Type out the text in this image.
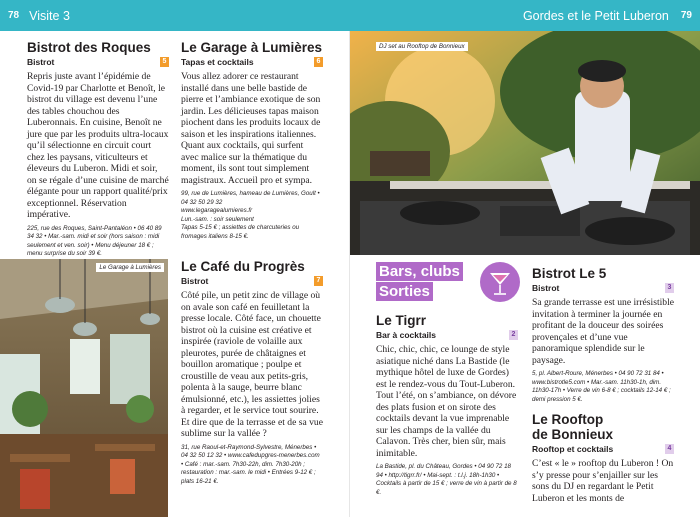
78 Visite 3	Gordes et le Petit Luberon 79
Bistrot des Roques
Bistrot	5
Repris juste avant l’épidémie de Covid-19 par Charlotte et Benoît, le bistrot du village est devenu l’une des tables chouchou des Luberonnais. En cuisine, Benoît ne jure que par les produits ultra-locaux qu’il sélectionne en circuit court chez les paysans, viticulteurs et éleveurs du Luberon. Midi et soir, on se régale d’une cuisine de marché élégante pour un rapport qualité/prix exceptionnel. Réservation impérative.
225, rue des Roques, Saint-Pantaléon • 06 40 89 34 32 • Mar.-sam. midi et soir (hors saison : midi seulement et ven. soir) • Menu déjeuner 18 € ; menu surprise du soir 39 €.
Le Garage à Lumières
Tapas et cocktails	6
Vous allez adorer ce restaurant installé dans une belle bastide de pierre et l’ambiance exotique de son jardin. Les délicieuses tapas maison piochent dans les produits locaux de saison et les inspirations italiennes. Quant aux cocktails, qui surfent avec malice sur la thématique du moment, ils sont tout simplement magistraux. Accueil pro et sympa.
99, rue de Lumières, hameau de Lumières, Goult • 04 32 50 29 32
www.legaragealumieres.fr
Lun.-sam. : soir seulement
Tapas 5-15 € ; assiettes de charcuteries ou fromages italiens 8-15 €.
Le Garage à Lumières Le Café du Progrès
Bistrot	7
Côté pile, un petit zinc de village où on avale son café en feuilletant la presse locale. Côté face, un chouette bistrot où la cuisine est créative et inspirée (raviole de volaille aux pleurotes, purée de châtaignes et bouillon aromatique ; poulpe et croustille de veau aux petits-gris, polenta à la sauge, beurre blanc émulsionné, etc.), les assiettes jolies à regarder, et le service tout sourire. Et dire que de la terrasse et de sa vue sublime sur la vallée ?
31, rue Raoul-et-Raymond-Sylvestre, Ménerbes • 04 32 50 12 32 • www.cafedupgres-menerbes.com • Café : mar.-sam. 7h30-22h, dim. 7h30-20h ; restauration : mar.-sam. le midi • Entrées 9-12 € ; plats 16-21 €.
DJ set au Rooftop de Bonnieux
Bars, clubs
Sorties
Le Tigrr
Bar à cocktails	2
Chic, chic, chic, ce lounge de style asiatique niché dans La Bastide (le mythique hôtel de luxe de Gordes) est le rendez-vous du Tout-Luberon. Tout l’été, on s’ambiance, on dévore des plats fusion et on sirote des cocktails devant la vue imprenable sur les champs de la vallée du Calavon. Très cher, bien sûr, mais inimitable.
La Bastide, pl. du Château, Gordes • 04 90 72 18 94 • http://tigrr.fr/ • Mai-sept. : t.l.j. 18h-1h30 • Cocktails à partir de 15 € ; verre de vin à partir de 8 €.
Bistrot Le 5
Bistrot	3
Sa grande terrasse est une irrésistible invitation à terminer la journée en profitant de la douceur des soirées provençales et d’une vue panoramique splendide sur le paysage.
5, pl. Albert-Roure, Ménerbes • 04 90 72 31 84 • www.bistrotle5.com • Mar.-sam. 11h30-1h, dim. 11h30-17h • Verre de vin 6-8 € ; cocktails 12-14 € ; demi pression 5 €.
Le Rooftop
de Bonnieux
Rooftop et cocktails	4
C’est « le » rooftop du Luberon ! On s’y presse pour s’enjailler sur les sons du DJ en regardant le Petit Luberon et les monts de
